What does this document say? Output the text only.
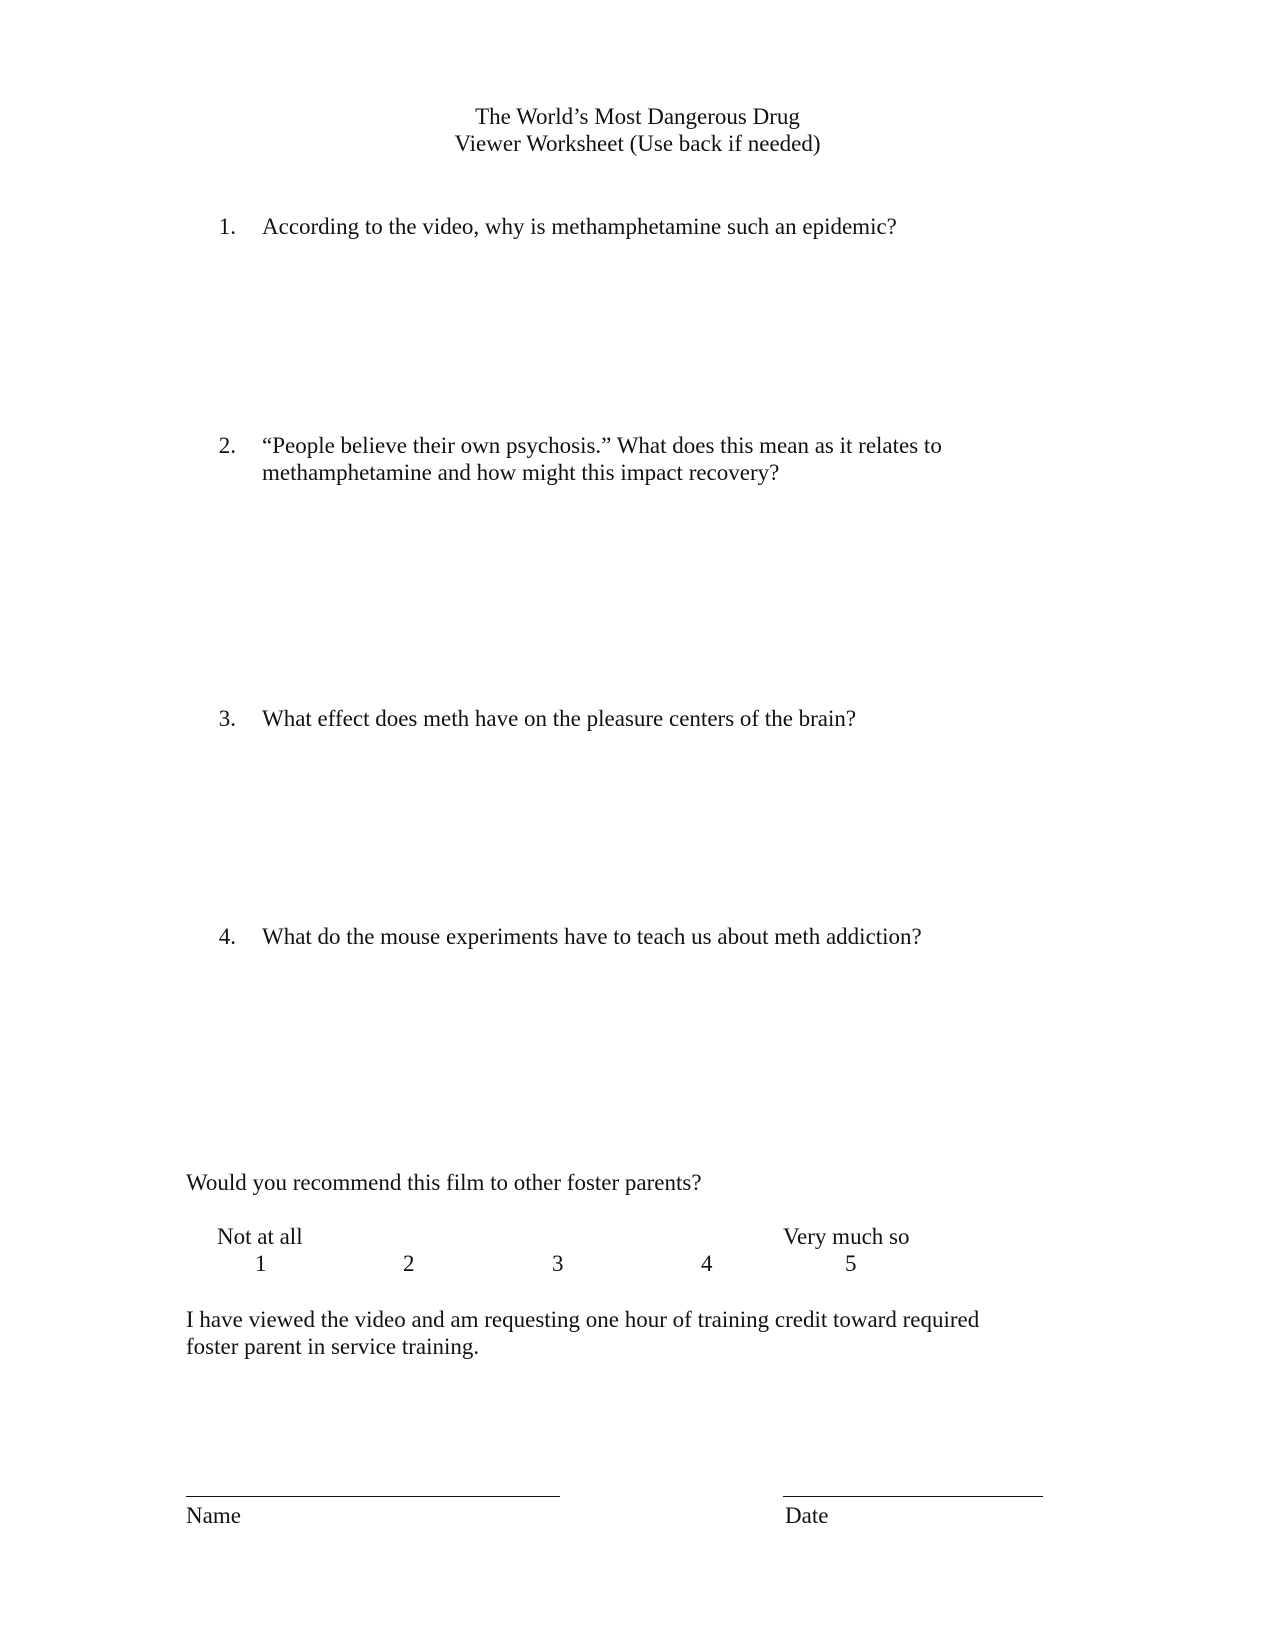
The World’s Most Dangerous Drug
Viewer Worksheet (Use back if needed)
1. According to the video, why is methamphetamine such an epidemic?
2. “People believe their own psychosis.” What does this mean as it relates to
methamphetamine and how might this impact recovery?
3. What effect does meth have on the pleasure centers of the brain?
4. What do the mouse experiments have to teach us about meth addiction?
Would you recommend this film to other foster parents?
Not at all	Very much so
1	2	3	4	5
I have viewed the video and am requesting one hour of training credit toward required
foster parent in service training.
Name	Date
